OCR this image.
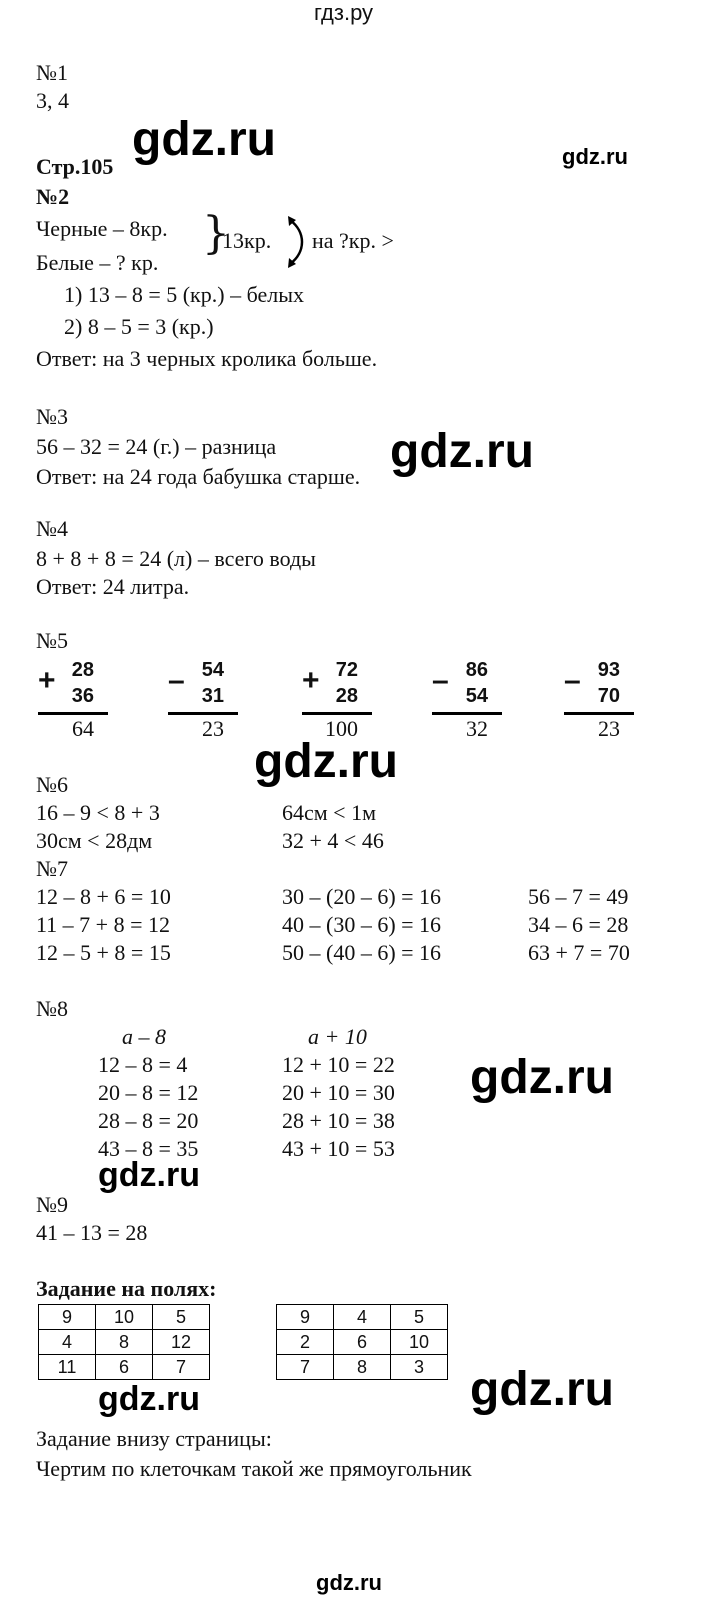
гдз.ру
gdz.ru	gdz.ru
gdz.ru
gdz.ru
gdz.ru
gdz.ru
gdz.ru
gdz.ru
gdz.ru
№1
3, 4
Стр.105
№2
Черные – 8кр.
Белые – ? кр.
}
13кр. на ?кр. >
1) 13 – 8 = 5 (кр.) – белых
2) 8 – 5 = 3 (кр.)
Ответ: на 3 черных кролика больше.
№3
56 – 32 = 24 (г.) – разница
Ответ: на 24 года бабушка старше.
№4
8 + 8 + 8 = 24 (л) – всего воды
Ответ: 24 литра.
№5
+ 28
36
64
– 54
31
23
+ 72
28
100
– 86
54
32
– 93
70
23
№6
16 – 9 < 8 + 3	64см < 1м
30см < 28дм	32 + 4 < 46
№7
12 – 8 + 6 = 10	30 – (20 – 6) = 16	56 – 7 = 49
11 – 7 + 8 = 12	40 – (30 – 6) = 16	34 – 6 = 28
12 – 5 + 8 = 15	50 – (40 – 6) = 16	63 + 7 = 70
№8
a – 8	a + 10
12 – 8 = 4	12 + 10 = 22
20 – 8 = 12	20 + 10 = 30
28 – 8 = 20	28 + 10 = 38
43 – 8 = 35	43 + 10 = 53
№9
41 – 13 = 28
Задание на полях:
9	10	5
4	8	12
11	6	7
9	4	5
2	6	10
7	8	3
Задание внизу страницы:
Чертим по клеточкам такой же прямоугольник
